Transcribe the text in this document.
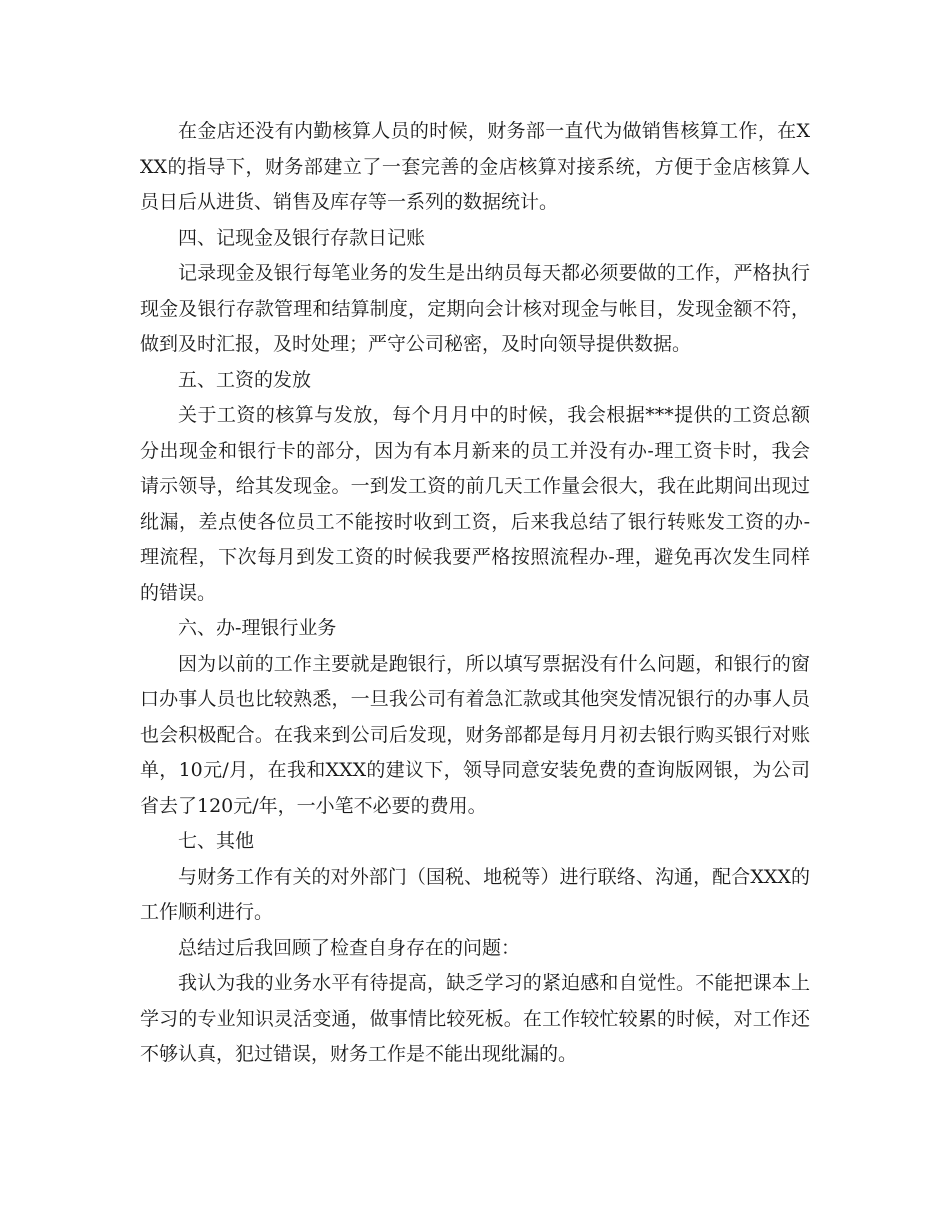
在金店还没有内勤核算人员的时候，财务部一直代为做销售核算工作，在XXX的指导下，财务部建立了一套完善的金店核算对接系统，方便于金店核算人员日后从进货、销售及库存等一系列的数据统计。

四、记现金及银行存款日记账

记录现金及银行每笔业务的发生是出纳员每天都必须要做的工作，严格执行现金及银行存款管理和结算制度，定期向会计核对现金与帐目，发现金额不符，做到及时汇报，及时处理；严守公司秘密，及时向领导提供数据。

五、工资的发放

关于工资的核算与发放，每个月月中的时候，我会根据***提供的工资总额分出现金和银行卡的部分，因为有本月新来的员工并没有办-理工资卡时，我会请示领导，给其发现金。一到发工资的前几天工作量会很大，我在此期间出现过纰漏，差点使各位员工不能按时收到工资，后来我总结了银行转账发工资的办-理流程，下次每月到发工资的时候我要严格按照流程办-理，避免再次发生同样的错误。

六、办-理银行业务

因为以前的工作主要就是跑银行，所以填写票据没有什么问题，和银行的窗口办事人员也比较熟悉，一旦我公司有着急汇款或其他突发情况银行的办事人员也会积极配合。在我来到公司后发现，财务部都是每月月初去银行购买银行对账单，10元/月，在我和XXX的建议下，领导同意安装免费的查询版网银，为公司省去了120元/年，一小笔不必要的费用。

七、其他

与财务工作有关的对外部门（国税、地税等）进行联络、沟通，配合XXX的工作顺利进行。

总结过后我回顾了检查自身存在的问题：

我认为我的业务水平有待提高，缺乏学习的紧迫感和自觉性。不能把课本上学习的专业知识灵活变通，做事情比较死板。在工作较忙较累的时候，对工作还不够认真，犯过错误，财务工作是不能出现纰漏的。
